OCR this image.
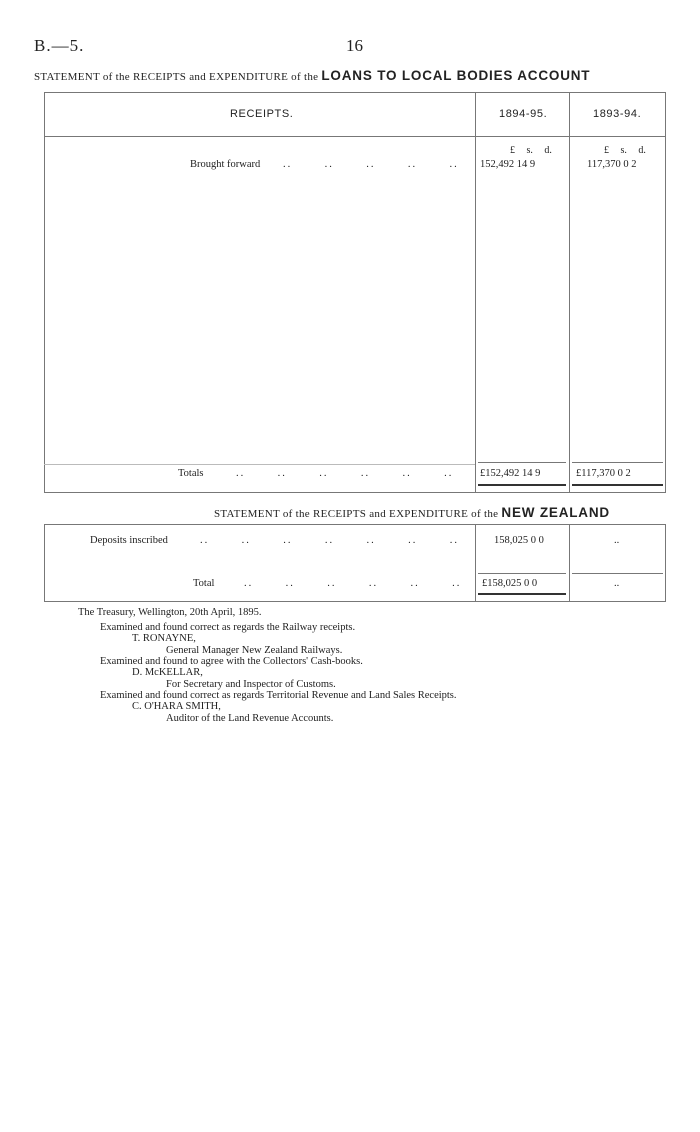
B.—5.	16
STATEMENT of the RECEIPTS and EXPENDITURE of the LOANS TO LOCAL BODIES ACCOUNT
RECEIPTS.	1894-95.	1893-94.
£ s. d.	£ s. d.
Brought forward ..       ..       ..       ..       .. 152,492 14 9	117,370 0 2
Totals	..       ..       ..       ..       ..       ..	£152,492 14 9	£117,370 0 2
STATEMENT of the RECEIPTS and EXPENDITURE of the NEW ZEALAND
Deposits inscribed	..       ..       ..       ..       ..       ..       ..	158,025 0 0	..
Total	..       ..       ..       ..       ..       .. £158,025 0 0	..
The Treasury, Wellington, 20th April, 1895.
Examined and found correct as regards the Railway receipts.
T. RONAYNE,
General Manager New Zealand Railways.
Examined and found to agree with the Collectors' Cash-books.
D. McKELLAR,
For Secretary and Inspector of Customs.
Examined and found correct as regards Territorial Revenue and Land Sales Receipts.
C. O'HARA SMITH,
Auditor of the Land Revenue Accounts.
